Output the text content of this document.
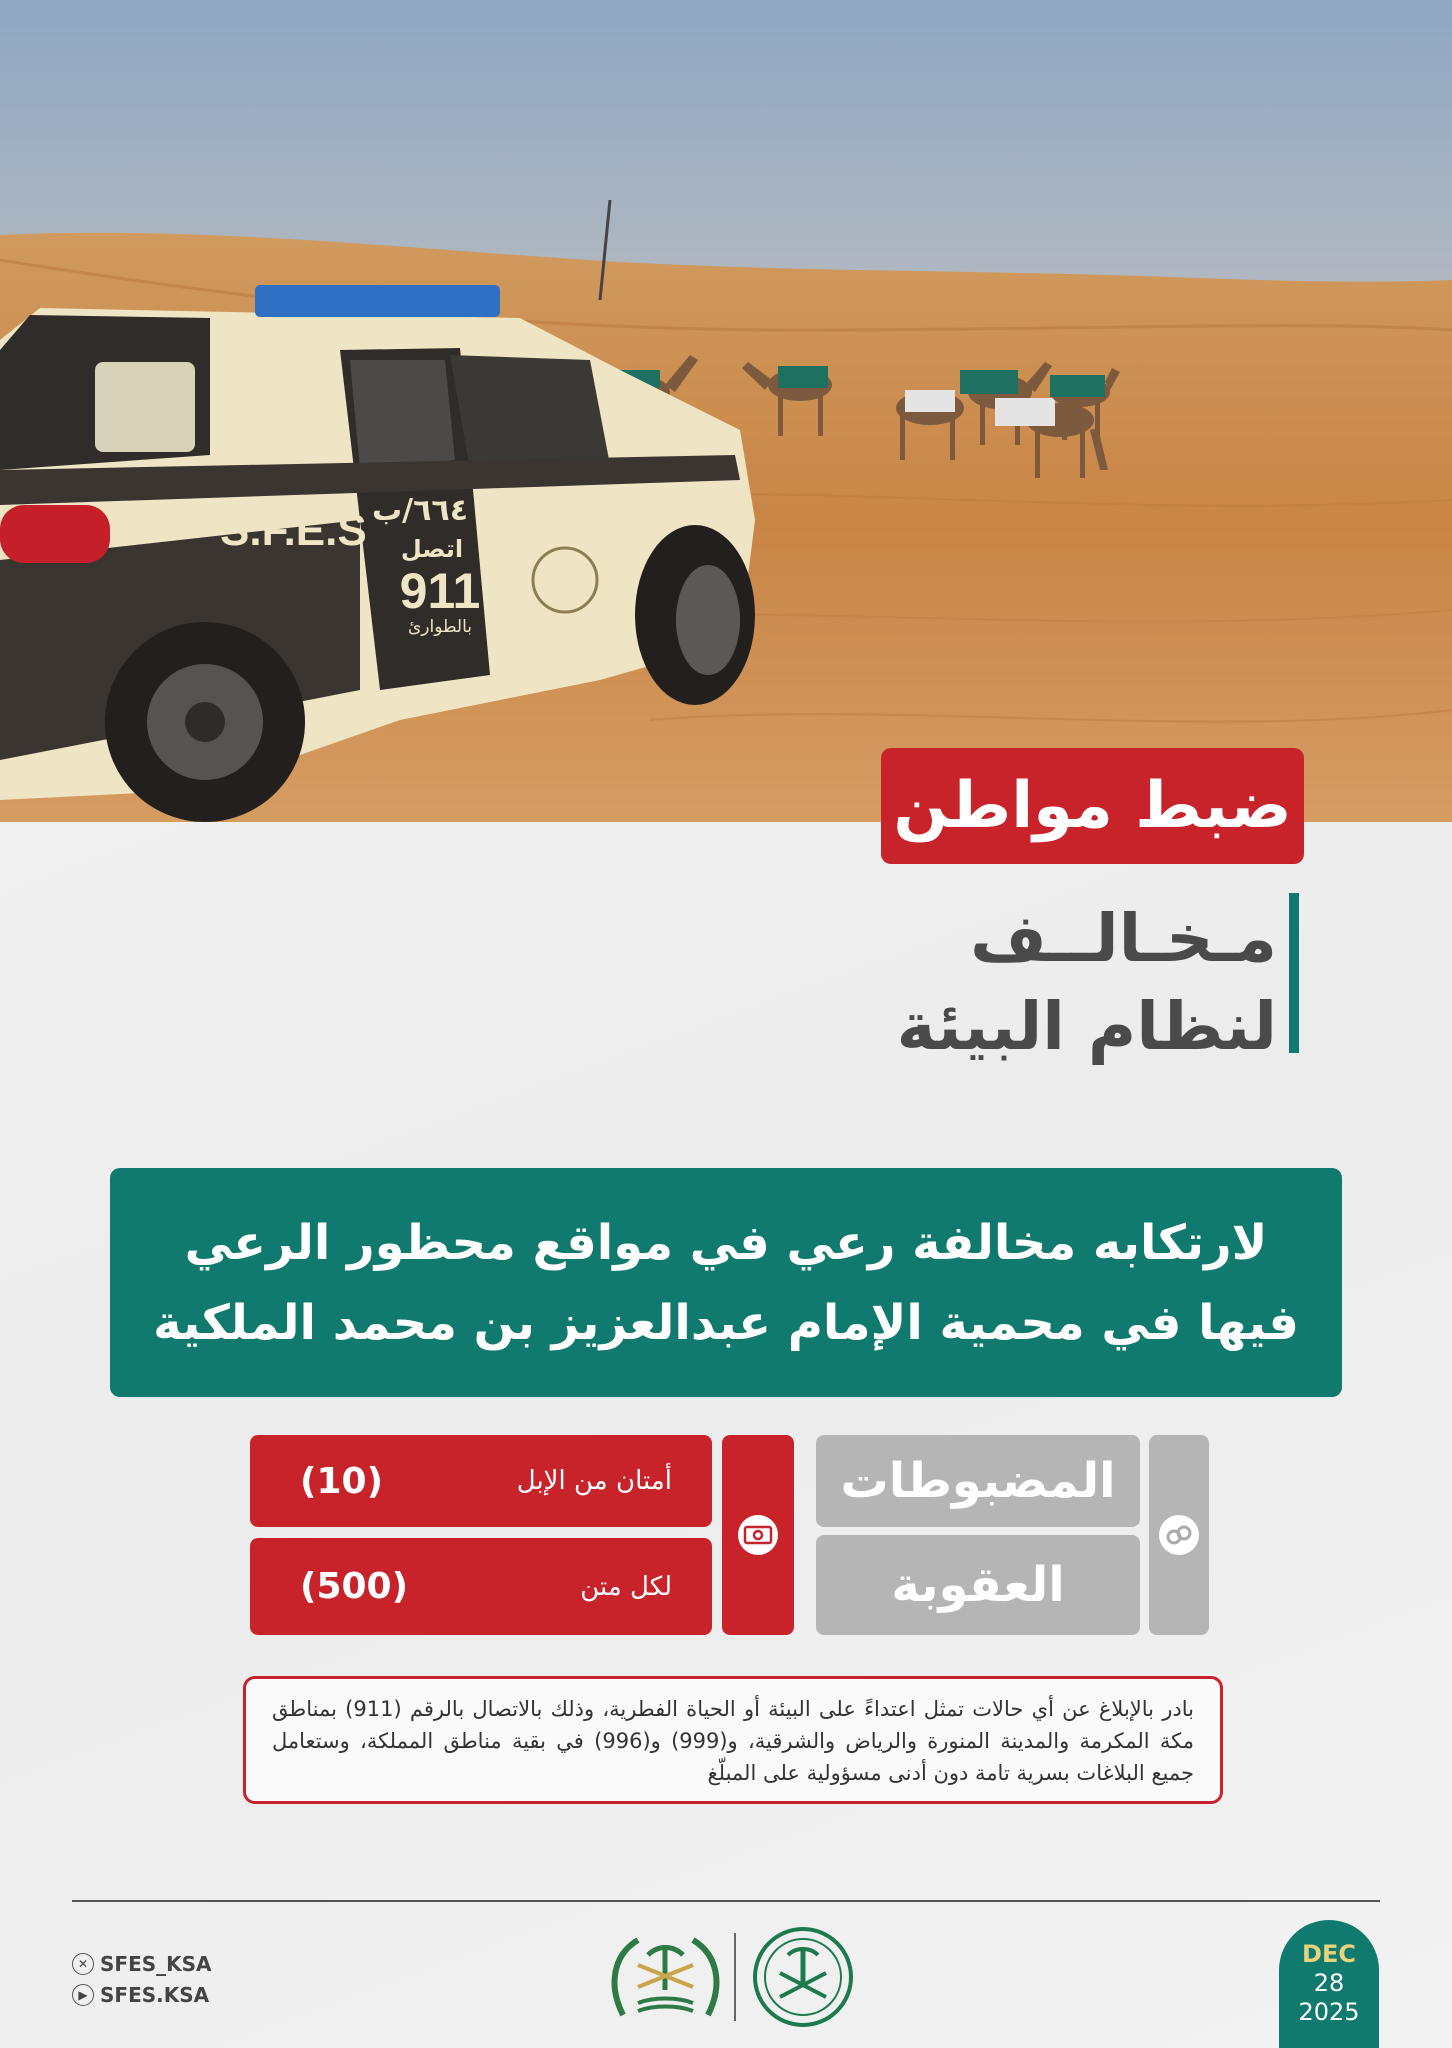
S.F.E.S ٦٦٤/ب
اتصل
911
بالطوارئ
ضبط مواطن
مـخـالــف
لنظام البيئة
لارتكابه مخالفة رعي في مواقع محظور الرعي
فيها في محمية الإمام عبدالعزيز بن محمد الملكية
المضبوطات
العقوبة
أمتان من الإبل
(10)
لكل متن
(500)
بادر بالإبلاغ عن أي حالات تمثل اعتداءً على البيئة أو الحياة الفطرية، وذلك بالاتصال بالرقم (911) بمناطق مكة المكرمة والمدينة المنورة والرياض والشرقية، و(999) و(996) في بقية مناطق المملكة، وستعامل جميع البلاغات بسرية تامة دون أدنى مسؤولية على المبلّغ
✕ SFES_KSA
▶ SFES.KSA
DEC
28
2025
